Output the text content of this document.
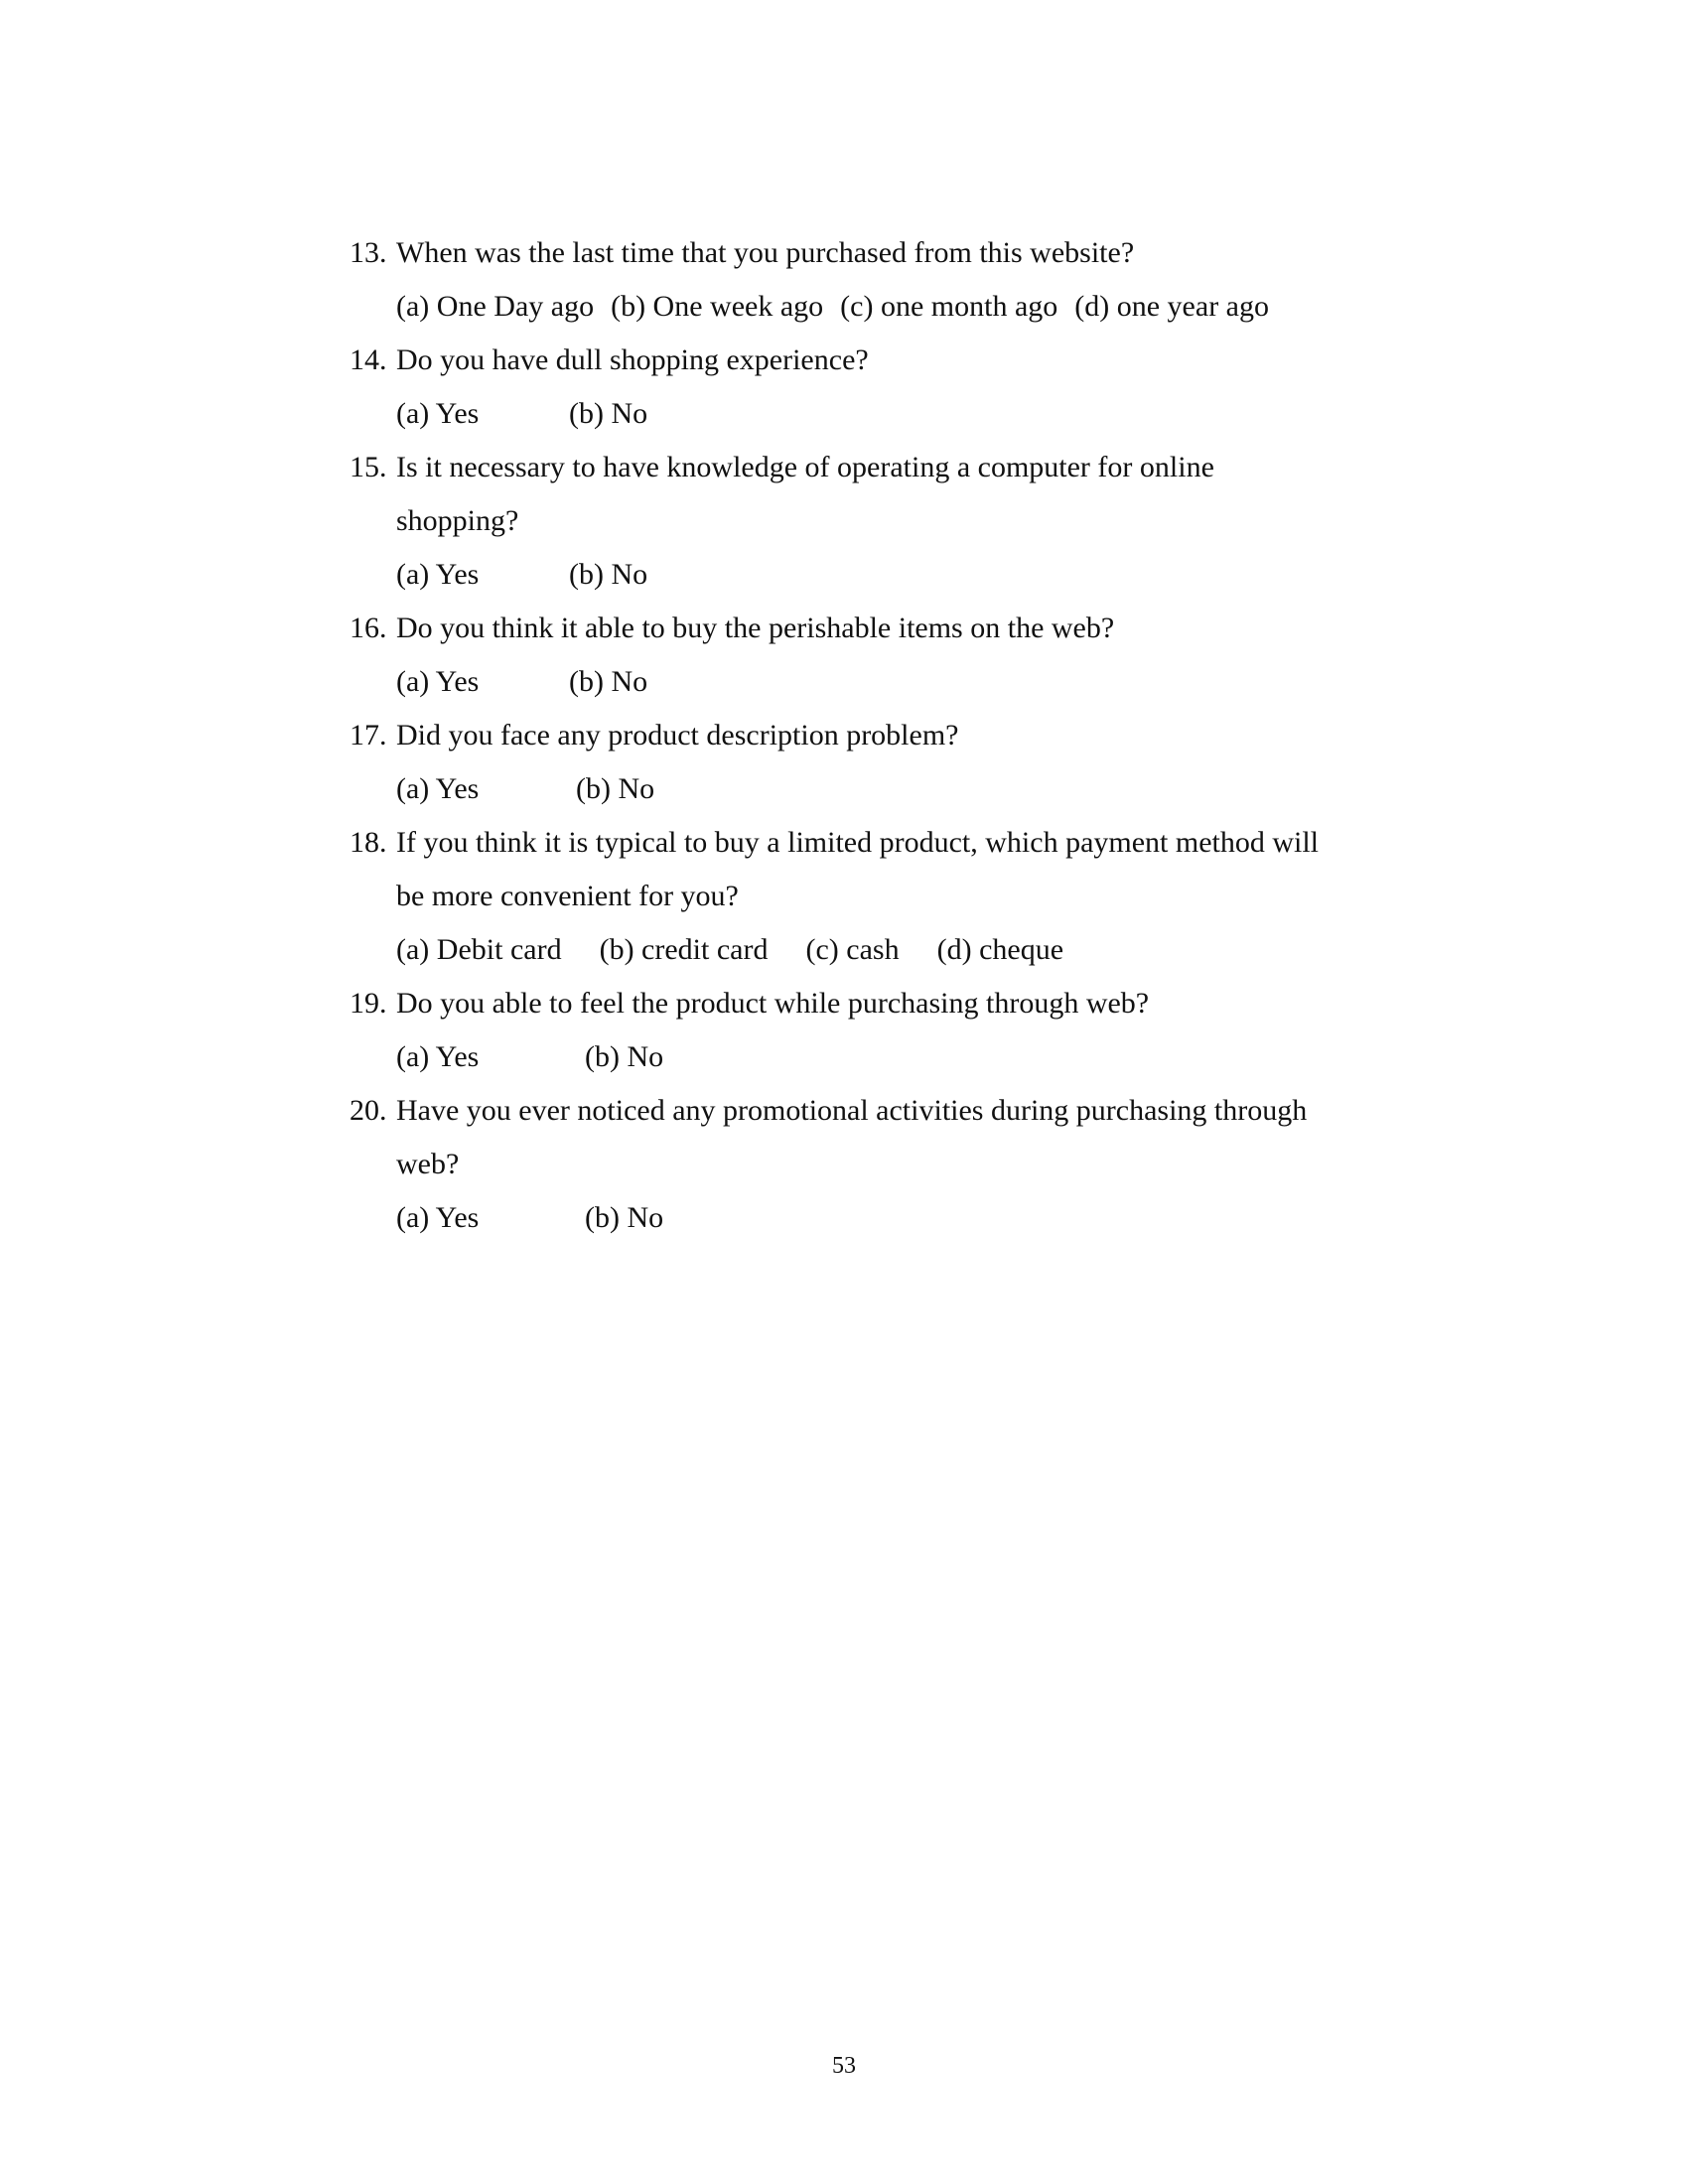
13. When was the last time that you purchased from this website?
(a) One Day ago (b) One week ago (c) one month ago (d) one year ago
14. Do you have dull shopping experience?
(a) Yes	(b) No
15. Is it necessary to have knowledge of operating a computer for online
shopping?
(a) Yes	(b) No
16. Do you think it able to buy the perishable items on the web?
(a) Yes	(b) No
17. Did you face any product description problem?
(a) Yes	(b) No
18. If you think it is typical to buy a limited product, which payment method will
be more convenient for you?
(a) Debit card (b) credit card (c) cash (d) cheque
19. Do you able to feel the product while purchasing through web?
(a) Yes	(b) No
20. Have you ever noticed any promotional activities during purchasing through
web?
(a) Yes	(b) No
53
